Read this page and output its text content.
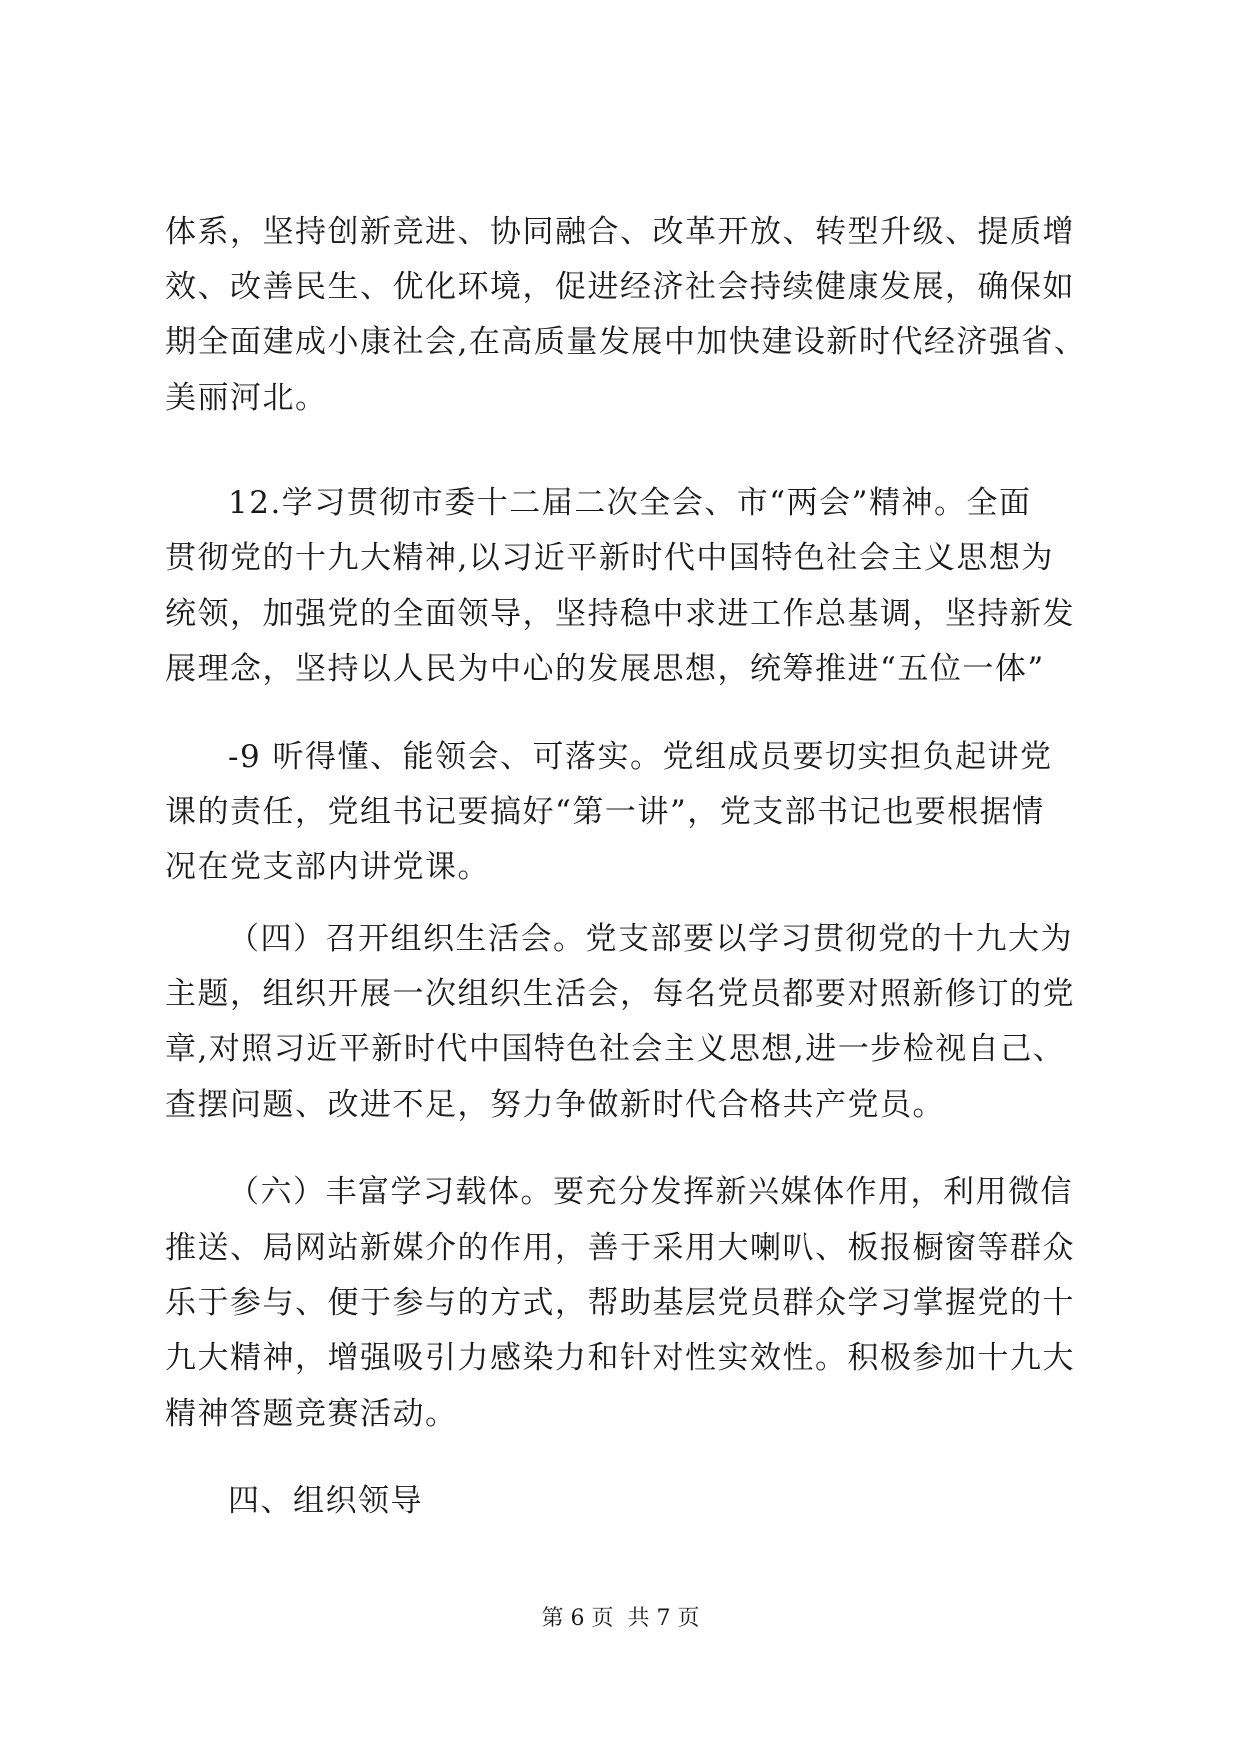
体系，坚持创新竞进、协同融合、改革开放、转型升级、提质增
效、改善民生、优化环境，促进经济社会持续健康发展，确保如
期全面建成小康社会,在高质量发展中加快建设新时代经济强省、
美丽河北。
12.学习贯彻市委十二届二次全会、市“两会”精神。全面
贯彻党的十九大精神,以习近平新时代中国特色社会主义思想为
统领，加强党的全面领导，坚持稳中求进工作总基调，坚持新发
展理念，坚持以人民为中心的发展思想，统筹推进“五位一体”
-9 听得懂、能领会、可落实。党组成员要切实担负起讲党
课的责任，党组书记要搞好“第一讲”，党支部书记也要根据情
况在党支部内讲党课。
（四）召开组织生活会。党支部要以学习贯彻党的十九大为
主题，组织开展一次组织生活会，每名党员都要对照新修订的党
章,对照习近平新时代中国特色社会主义思想,进一步检视自己、
查摆问题、改进不足，努力争做新时代合格共产党员。
（六）丰富学习载体。要充分发挥新兴媒体作用，利用微信
推送、局网站新媒介的作用，善于采用大喇叭、板报橱窗等群众
乐于参与、便于参与的方式，帮助基层党员群众学习掌握党的十
九大精神，增强吸引力感染力和针对性实效性。积极参加十九大
精神答题竞赛活动。
四、组织领导
第 6 页  共 7 页
